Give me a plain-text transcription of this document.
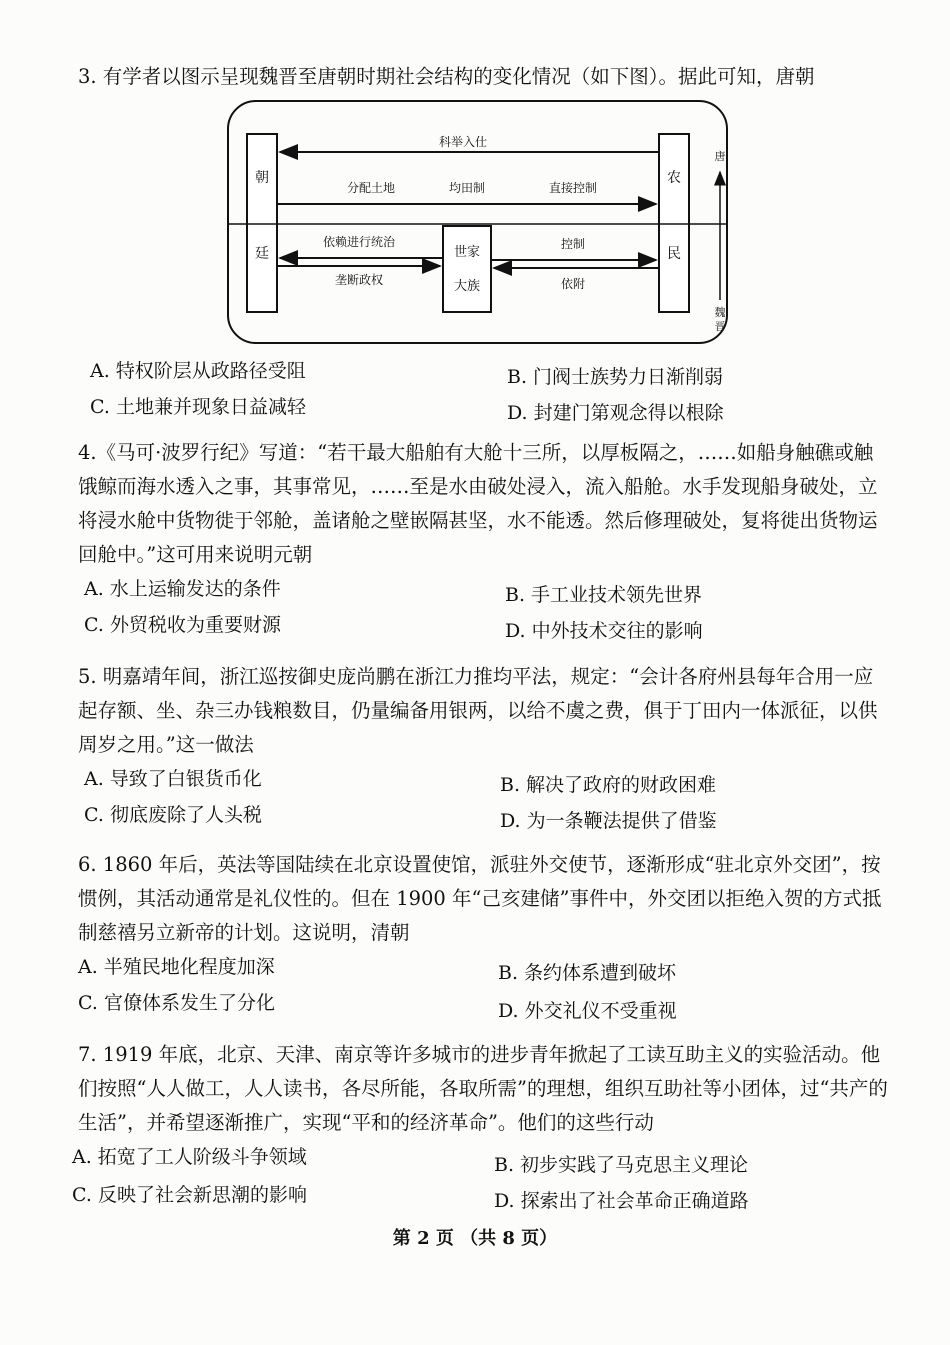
3. 有学者以图示呈现魏晋至唐朝时期社会结构的变化情况（如下图）。据此可知，唐朝

朝
廷
农
民
世家
大族
科举入仕
分配土地	均田制	直接控制
依赖进行统治
垄断政权
控制
依附
唐
魏晋
A. 特权阶层从政路径受阻	B. 门阀士族势力日渐削弱
C. 土地兼并现象日益减轻	D. 封建门第观念得以根除

4.《马可·波罗行纪》写道：“若干最大船舶有大舱十三所，以厚板隔之，……如船身触礁或触饿鲸而海水透入之事，其事常见，……至是水由破处浸入，流入船舱。水手发现船身破处，立将浸水舱中货物徙于邻舱，盖诸舱之壁嵌隔甚坚，水不能透。然后修理破处，复将徙出货物运回舱中。”这可用来说明元朝

A. 水上运输发达的条件	B. 手工业技术领先世界
C. 外贸税收为重要财源	D. 中外技术交往的影响

5. 明嘉靖年间，浙江巡按御史庞尚鹏在浙江力推均平法，规定：“会计各府州县每年合用一应起存额、坐、杂三办钱粮数目，仍量编备用银两，以给不虞之费，俱于丁田内一体派征，以供周岁之用。”这一做法

A. 导致了白银货币化	B. 解决了政府的财政困难
C. 彻底废除了人头税	D. 为一条鞭法提供了借鉴

6. 1860 年后，英法等国陆续在北京设置使馆，派驻外交使节，逐渐形成“驻北京外交团”，按惯例，其活动通常是礼仪性的。但在 1900 年“己亥建储”事件中，外交团以拒绝入贺的方式抵制慈禧另立新帝的计划。这说明，清朝

A. 半殖民地化程度加深	B. 条约体系遭到破坏
C. 官僚体系发生了分化	D. 外交礼仪不受重视

7. 1919 年底，北京、天津、南京等许多城市的进步青年掀起了工读互助主义的实验活动。他们按照“人人做工，人人读书，各尽所能，各取所需”的理想，组织互助社等小团体，过“共产的生活”，并希望逐渐推广，实现“平和的经济革命”。他们的这些行动

A. 拓宽了工人阶级斗争领域	B. 初步实践了马克思主义理论
C. 反映了社会新思潮的影响	D. 探索出了社会革命正确道路
第 2 页 （共 8 页）
